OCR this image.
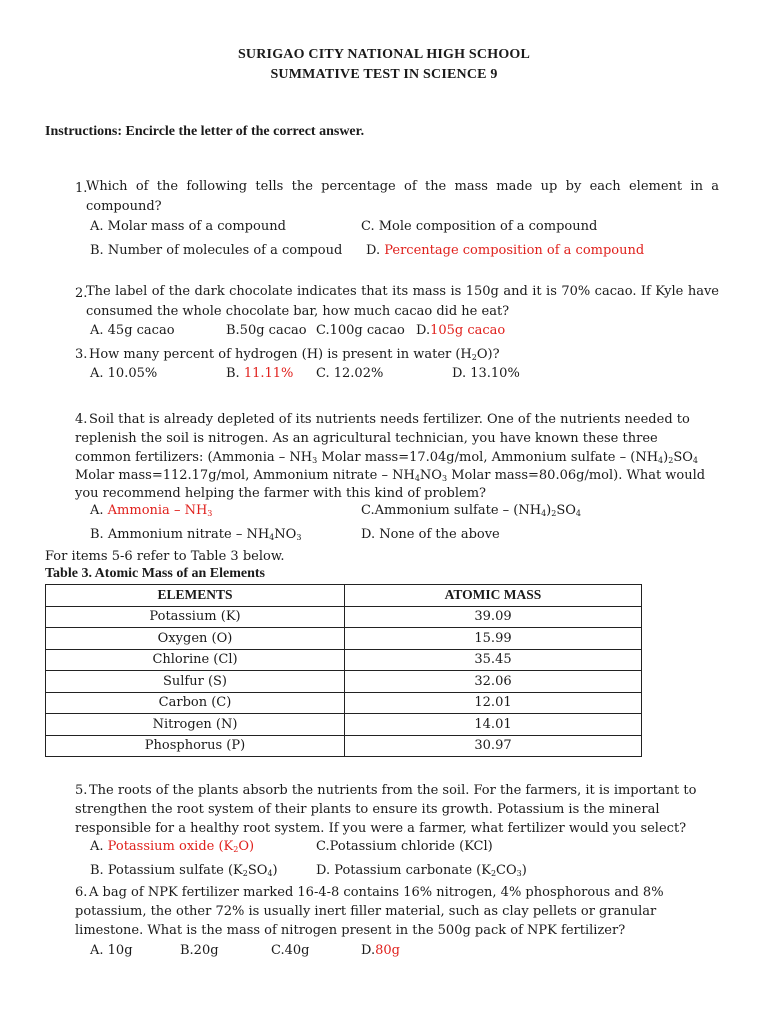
SURIGAO CITY NATIONAL HIGH SCHOOL
SUMMATIVE TEST IN SCIENCE 9
Instructions: Encircle the letter of the correct answer.
1.
Which of the following tells the percentage of the mass made up by each element in a compound?
A. Molar mass of a compound	C. Mole composition of a compound
B. Number of molecules of a compoud D. Percentage composition of a compound
2.
The label of the dark chocolate indicates that its mass is 150g and it is 70% cacao. If Kyle have consumed the whole chocolate bar, how much cacao did he eat?
A. 45g cacao	B.50g cacao C.100g cacao D.105g cacao
3. How many percent of hydrogen (H) is present in water $(H_2O)$?
A. 10.05%	B. 11.11% C. 12.02%	D. 13.10%
4. Soil that is already depleted of its nutrients needs fertilizer. One of the nutrients needed to
replenish the soil is nitrogen. As an agricultural technician, you have known these three
common fertilizers: (Ammonia – $NH_3$ Molar mass=17.04g/mol, Ammonium sulfate – $(NH_4)_2SO_4$
Molar mass=112.17g/mol, Ammonium nitrate – $NH_4NO_3$ Molar mass=80.06g/mol). What would
you recommend helping the farmer with this kind of problem?
A. Ammonia – $NH_3$	C.Ammonium sulfate – $(NH_4)_2SO_4$
B. Ammonium nitrate – $NH_4NO_3$	D. None of the above
For items 5-6 refer to Table 3 below.
Table 3. Atomic Mass of an Elements
ELEMENTS	ATOMIC MASS
Potassium (K)	39.09
Oxygen (O)	15.99
Chlorine (Cl)	35.45
Sulfur (S)	32.06
Carbon (C)	12.01
Nitrogen (N)	14.01
Phosphorus (P)	30.97
5. The roots of the plants absorb the nutrients from the soil. For the farmers, it is important to
strengthen the root system of their plants to ensure its growth. Potassium is the mineral
responsible for a healthy root system. If you were a farmer, what fertilizer would you select?
A. Potassium oxide $(K_2O)$	C.Potassium chloride (KCl)
B. Potassium sulfate $(K_2SO_4)$	D. Potassium carbonate $(K_2CO_3)$
6. A bag of NPK fertilizer marked 16-4-8 contains 16% nitrogen, 4% phosphorous and 8%
potassium, the other 72% is usually inert filler material, such as clay pellets or granular
limestone. What is the mass of nitrogen present in the 500g pack of NPK fertilizer?
A. 10g	B.20g	C.40g	D.80g
